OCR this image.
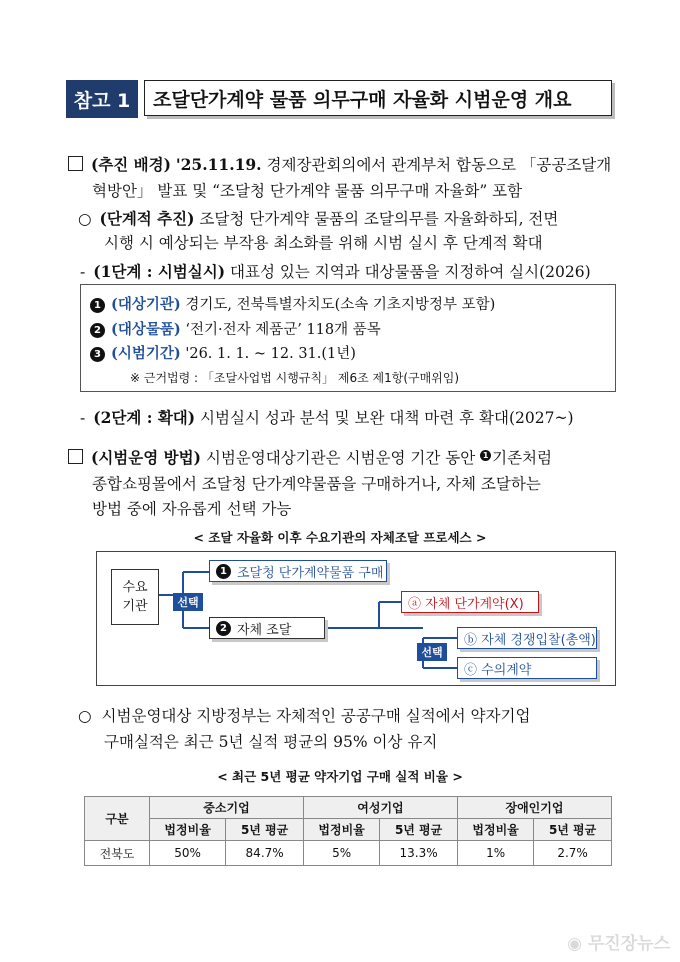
참고 1	조달단가계약 물품 의무구매 자율화 시범운영 개요
(추진 배경) '25.11.19. 경제장관회의에서 관계부처 합동으로 「공공조달개
혁방안」 발표 및 “조달청 단가계약 물품 의무구매 자율화” 포함
○ (단계적 추진) 조달청 단가계약 물품의 조달의무를 자율화하되, 전면
시행 시 예상되는 부작용 최소화를 위해 시범 실시 후 단계적 확대
- (1단계 : 시범실시) 대표성 있는 지역과 대상물품을 지정하여 실시(2026)
1 (대상기관) 경기도, 전북특별자치도(소속 기초지방정부 포함)
2 (대상물품) ‘전기·전자 제품군’ 118개 품목
3 (시범기간) '26. 1. 1. ~ 12. 31.(1년)
※ 근거법령 : 「조달사업법 시행규칙」 제6조 제1항(구매위임)
- (2단계 : 확대) 시범실시 성과 분석 및 보완 대책 마련 후 확대(2027~)
(시범운영 방법) 시범운영대상기관은 시범운영 기간 동안 1 기존처럼
종합쇼핑몰에서 조달청 단가계약물품을 구매하거나, 자체 조달하는
방법 중에 자유롭게 선택 가능
< 조달 자율화 이후 수요기관의 자체조달 프로세스 >
수요
기관	선택
1 조달청 단가계약물품 구매
2 자체 조달
ⓐ 자체 단가계약(X)
선택
ⓑ 자체 경쟁입찰(총액)
ⓒ 수의계약
○ 시범운영대상 지방정부는 자체적인 공공구매 실적에서 약자기업
구매실적은 최근 5년 실적 평균의 95% 이상 유지
< 최근 5년 평균 약자기업 구매 실적 비율 >
구분	중소기업		여성기업		장애인기업	
	법정비율	5년 평균	법정비율	5년 평균	법정비율	5년 평균
전북도	50%	84.7%	5%	13.3%	1%	2.7%
◉ 무진장뉴스
